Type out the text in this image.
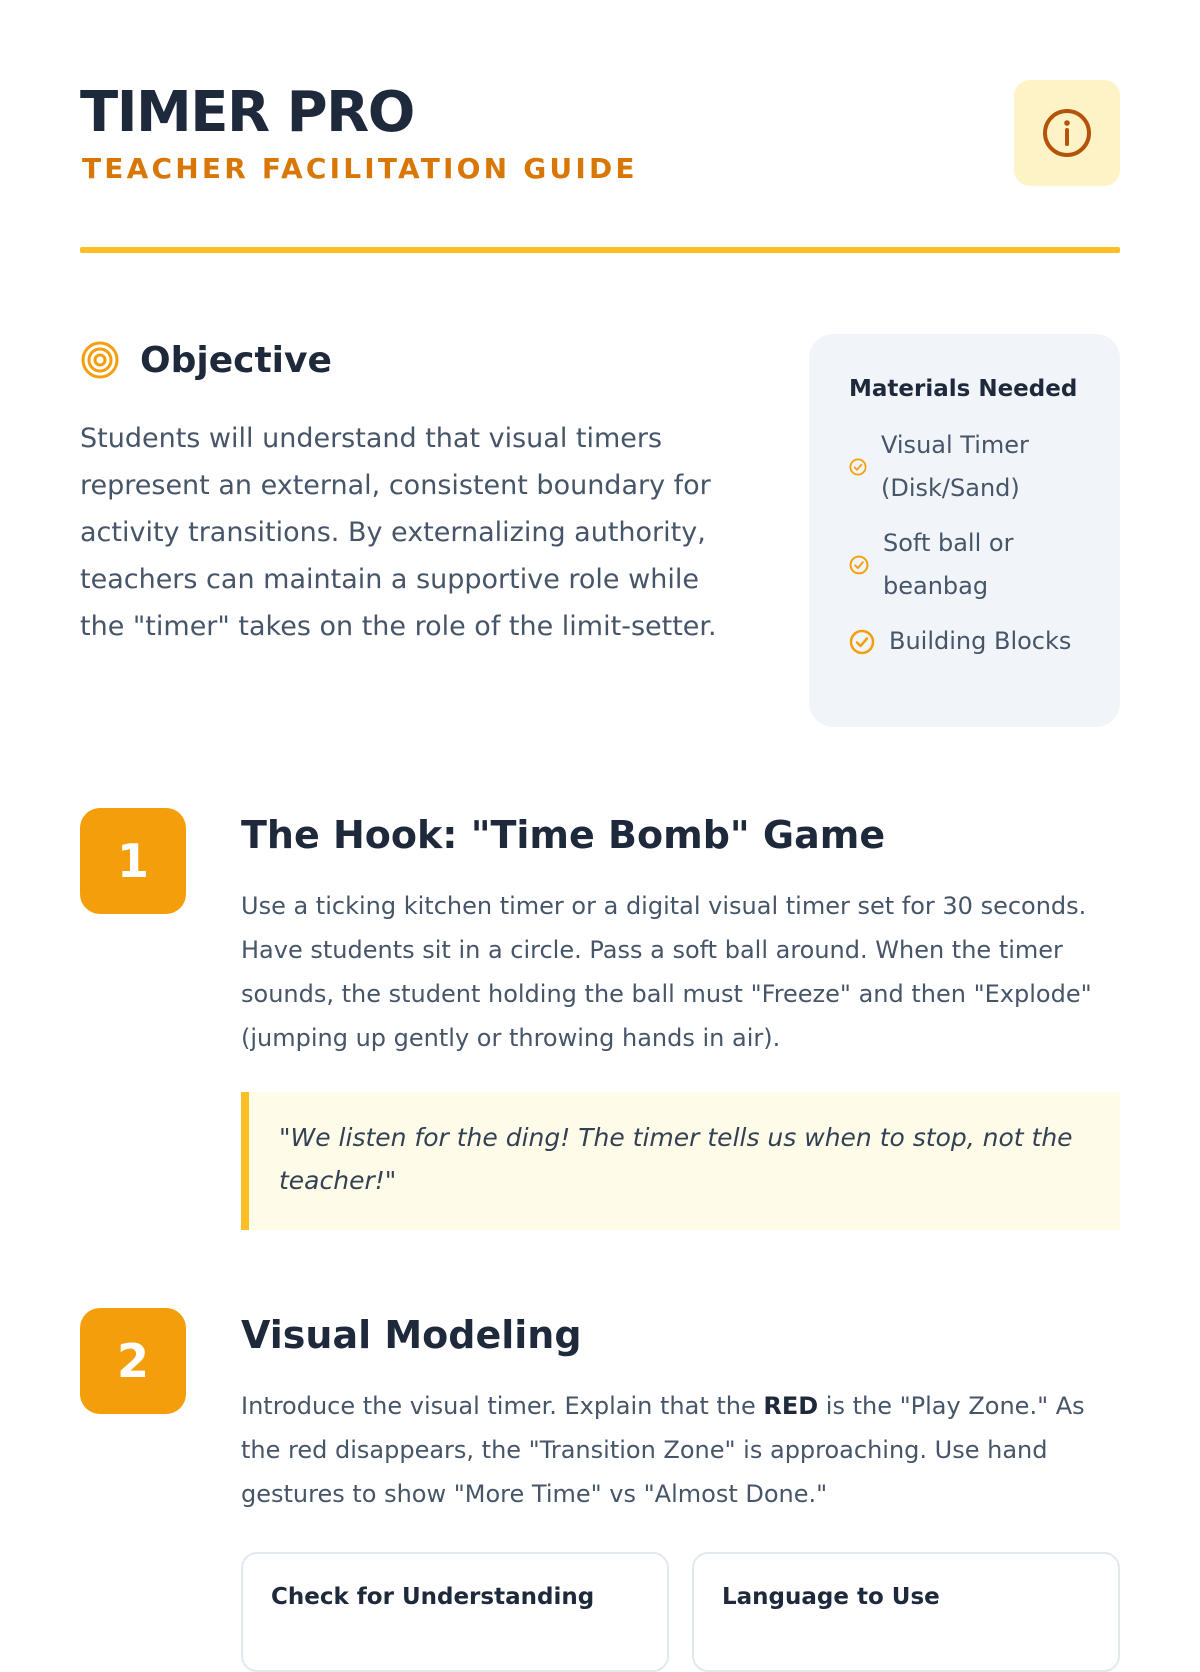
TIMER PRO
TEACHER FACILITATION GUIDE
Objective

Students will understand that visual timers represent an external, consistent boundary for activity transitions. By externalizing authority, teachers can maintain a supportive role while the "timer" takes on the role of the limit-setter.

Materials Needed
Visual Timer (Disk/Sand)
Soft ball or beanbag
Building Blocks
1	The Hook: "Time Bomb" Game

Use a ticking kitchen timer or a digital visual timer set for 30 seconds. Have students sit in a circle. Pass a soft ball around. When the timer sounds, the student holding the ball must "Freeze" and then "Explode" (jumping up gently or throwing hands in air).

"We listen for the ding! The timer tells us when to stop, not the teacher!"
2	Visual Modeling

Introduce the visual timer. Explain that the RED is the "Play Zone." As the red disappears, the "Transition Zone" is approaching. Use hand gestures to show "More Time" vs "Almost Done."

Check for Understanding	Language to Use
